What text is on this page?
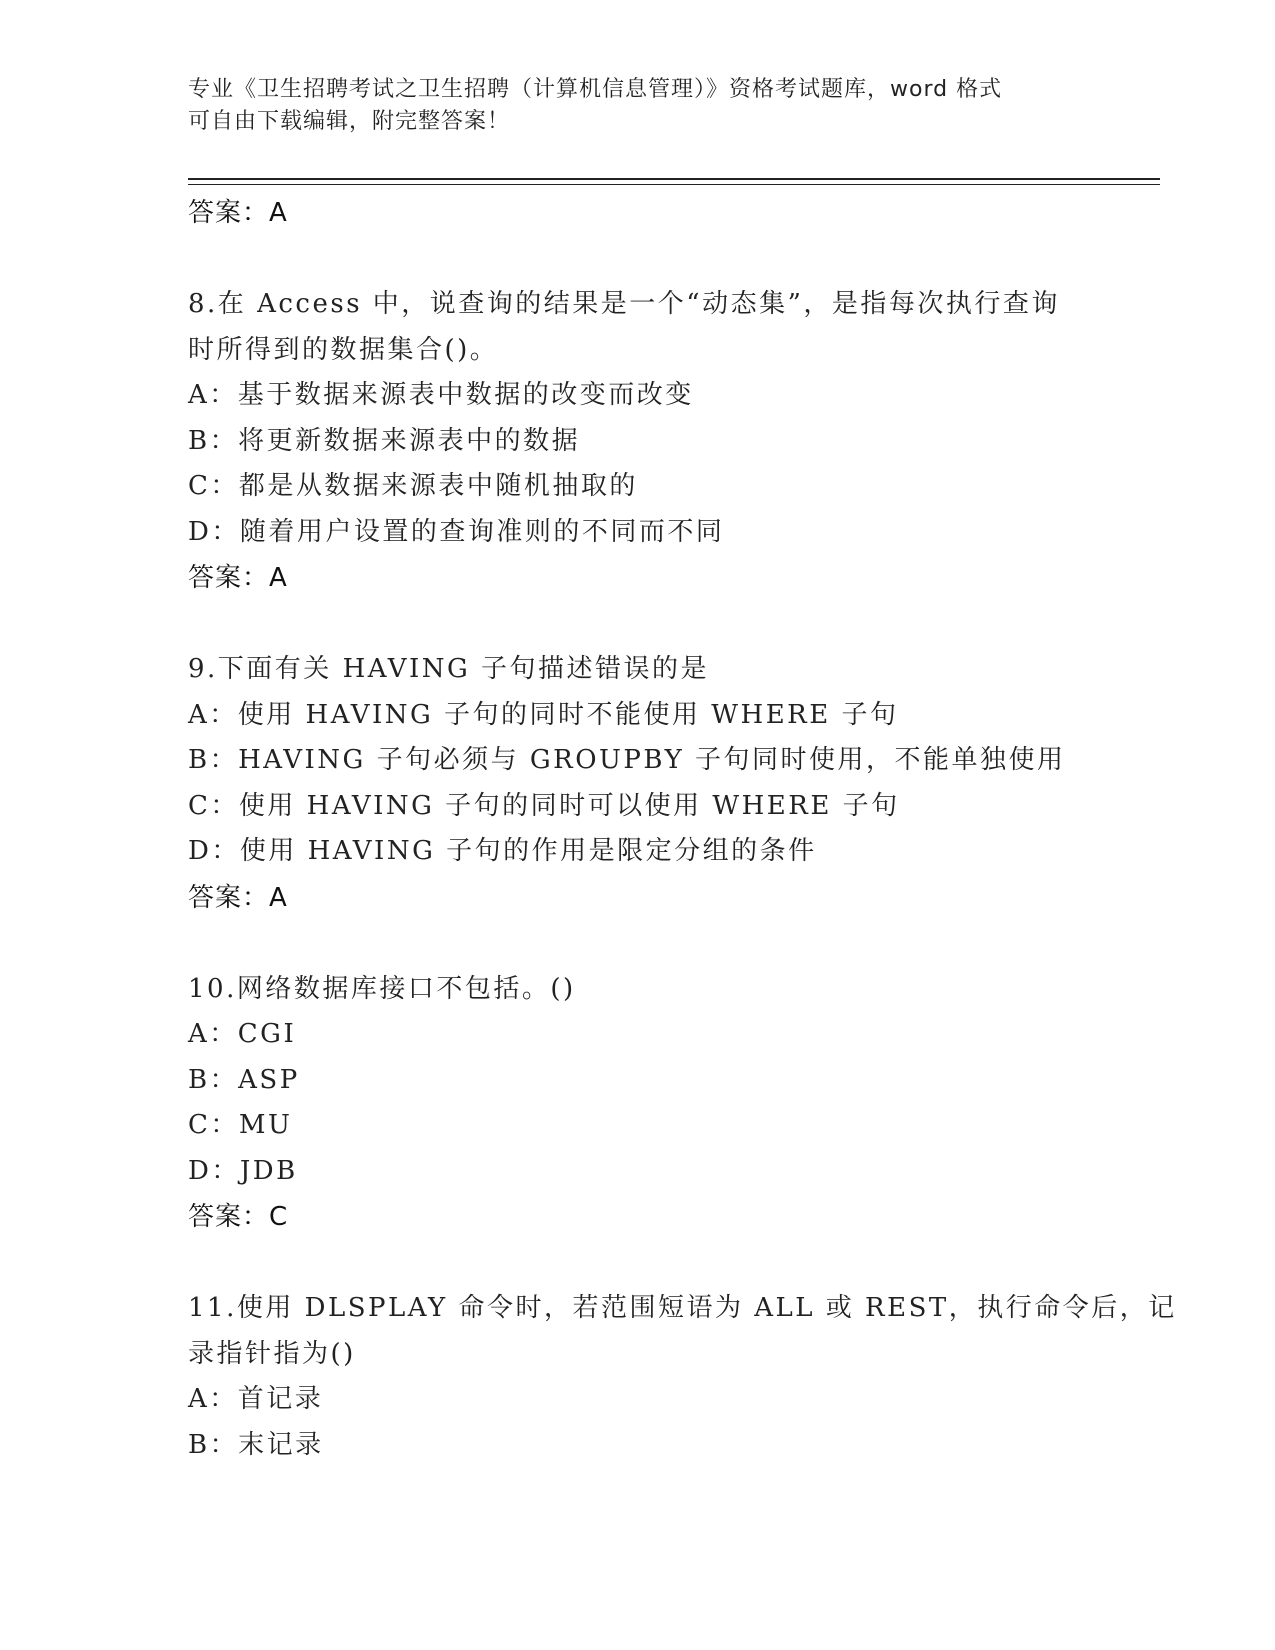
专业《卫生招聘考试之卫生招聘（计算机信息管理）》资格考试题库，word 格式
可自由下载编辑，附完整答案！
答案：A
8.在 Access 中，说查询的结果是一个“动态集”，是指每次执行查询
时所得到的数据集合()。
A：基于数据来源表中数据的改变而改变
B：将更新数据来源表中的数据
C：都是从数据来源表中随机抽取的
D：随着用户设置的查询准则的不同而不同
答案：A
9.下面有关 HAVING 子句描述错误的是
A：使用 HAVING 子句的同时不能使用 WHERE 子句
B：HAVING 子句必须与 GROUPBY 子句同时使用，不能单独使用
C：使用 HAVING 子句的同时可以使用 WHERE 子句
D：使用 HAVING 子句的作用是限定分组的条件
答案：A
10.网络数据库接口不包括。()
A：CGI
B：ASP
C：MU
D：JDB
答案：C
11.使用 DLSPLAY 命令时，若范围短语为 ALL 或 REST，执行命令后，记
录指针指为()
A：首记录
B：末记录
